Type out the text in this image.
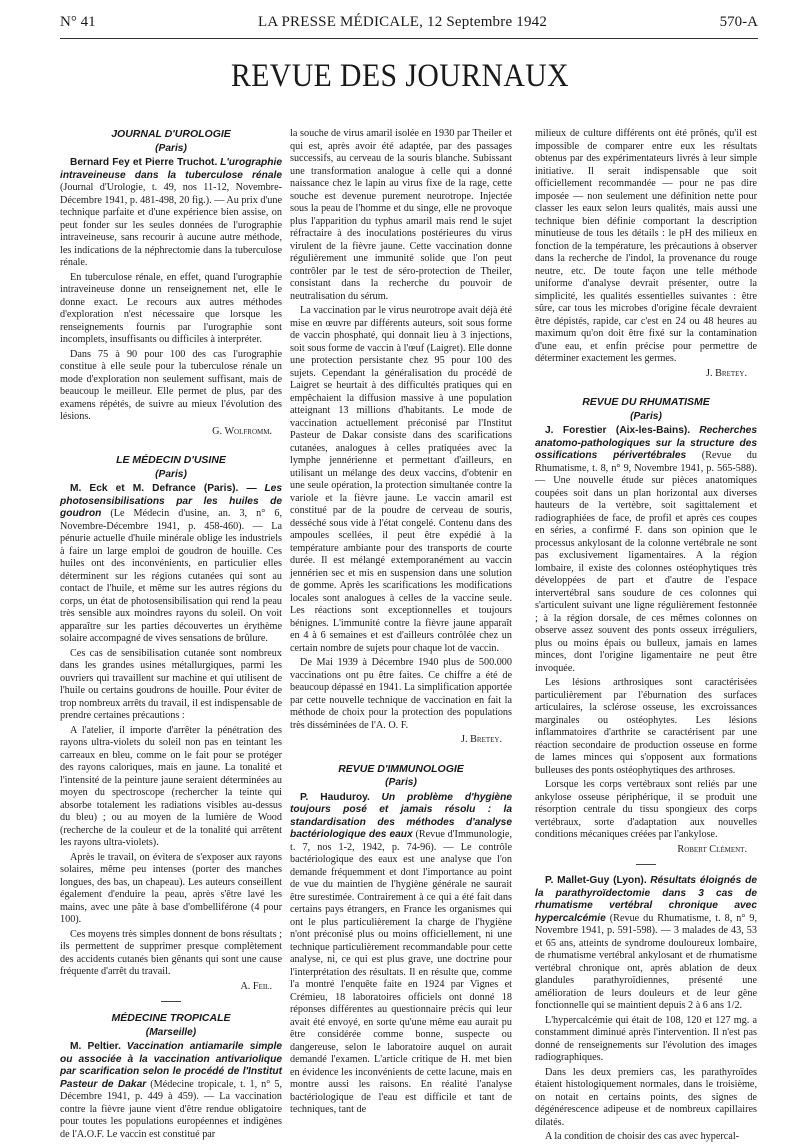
N° 41	LA PRESSE MÉDICALE, 12 Septembre 1942	570-A
REVUE DES JOURNAUX

JOURNAL D'UROLOGIE

(Paris)

Bernard Fey et Pierre Truchot. L'urographie intraveineuse dans la tuberculose rénale (Journal d'Urologie, t. 49, nos 11-12, Novembre-Décembre 1941, p. 481-498, 20 fig.). — Au prix d'une technique parfaite et d'une expérience bien assise, on peut fonder sur les seules données de l'urographie intraveineuse, sans recourir à aucune autre méthode, les indications de la néphrectomie dans la tuberculose rénale.

En tuberculose rénale, en effet, quand l'urographie intraveineuse donne un renseignement net, elle le donne exact. Le recours aux autres méthodes d'exploration n'est nécessaire que lorsque les renseignements fournis par l'urographie sont incomplets, insuffisants ou difficiles à interpréter.

Dans 75 à 90 pour 100 des cas l'urographie constitue à elle seule pour la tuberculose rénale un mode d'exploration non seulement suffisant, mais de beaucoup le meilleur. Elle permet de plus, par des examens répétés, de suivre au mieux l'évolution des lésions.

G. Wolfromm.

LE MÉDECIN D'USINE

(Paris)

M. Eck et M. Defrance (Paris). — Les photosensibilisations par les huiles de goudron (Le Médecin d'usine, an. 3, n° 6, Novembre-Décembre 1941, p. 458-460). — La pénurie actuelle d'huile minérale oblige les industriels à faire un large emploi de goudron de houille. Ces huiles ont des inconvénients, en particulier elles déterminent sur les régions cutanées qui sont au contact de l'huile, et même sur les autres régions du corps, un état de photosensibilisation qui rend la peau très sensible aux moindres rayons du soleil. On voit apparaître sur les parties découvertes un érythème solaire accompagné de vives sensations de brûlure.

Ces cas de sensibilisation cutanée sont nombreux dans les grandes usines métallurgiques, parmi les ouvriers qui travaillent sur machine et qui utilisent de l'huile ou certains goudrons de houille. Pour éviter de trop nombreux arrêts du travail, il est indispensable de prendre certaines précautions :

A l'atelier, il importe d'arrêter la pénétration des rayons ultra-violets du soleil non pas en teintant les carreaux en bleu, comme on le fait pour se protéger des rayons caloriques, mais en jaune. La tonalité et l'intensité de la peinture jaune seraient déterminées au moyen du spectroscope (rechercher la teinte qui absorbe totalement les radiations visibles au-dessus du bleu) ; ou au moyen de la lumière de Wood (recherche de la couleur et de la tonalité qui arrêtent les rayons ultra-violets).

Après le travail, on évitera de s'exposer aux rayons solaires, même peu intenses (porter des manches longues, des bas, un chapeau). Les auteurs conseillent également d'enduire la peau, après s'être lavé les mains, avec une pâte à base d'ombelliférone (4 pour 100).

Ces moyens très simples donnent de bons résultats ; ils permettent de supprimer presque complètement des accidents cutanés bien gênants qui sont une cause fréquente d'arrêt du travail.

A. Feil.

MÉDECINE TROPICALE

(Marseille)

M. Peltier. Vaccination antiamarile simple ou associée à la vaccination antivariolique par scarification selon le procédé de l'Institut Pasteur de Dakar (Médecine tropicale, t. 1, n° 5, Décembre 1941, p. 449 à 459). — La vaccination contre la fièvre jaune vient d'être rendue obligatoire pour toutes les populations européennes et indigènes de l'A.O.F. Le vaccin est constitué par

la souche de virus amaril isolée en 1930 par Theiler et qui est, après avoir été adaptée, par des passages successifs, au cerveau de la souris blanche. Subissant une transformation analogue à celle qui a donné naissance chez le lapin au virus fixe de la rage, cette souche est devenue purement neurotrope. Injectée sous la peau de l'homme et du singe, elle ne provoque plus l'apparition du typhus amaril mais rend le sujet réfractaire à des inoculations postérieures du virus virulent de la fièvre jaune. Cette vaccination donne régulièrement une immunité solide que l'on peut contrôler par le test de séro-protection de Theiler, consistant dans la recherche du pouvoir de neutralisation du sérum.

La vaccination par le virus neurotrope avait déjà été mise en œuvre par différents auteurs, soit sous forme de vaccin phosphaté, qui donnait lieu à 3 injections, soit sous forme de vaccin à l'œuf (Laigret). Elle donne une protection persistante chez 95 pour 100 des sujets. Cependant la généralisation du procédé de Laigret se heurtait à des difficultés pratiques qui en empêchaient la diffusion massive à une population atteignant 13 millions d'habitants. Le mode de vaccination actuellement préconisé par l'Institut Pasteur de Dakar consiste dans des scarifications cutanées, analogues à celles pratiquées avec la lymphe jennérienne et permettant d'ailleurs, en utilisant un mélange des deux vaccins, d'obtenir en une seule opération, la protection simultanée contre la variole et la fièvre jaune. Le vaccin amaril est constitué par de la poudre de cerveau de souris, desséché sous vide à l'état congelé. Contenu dans des ampoules scellées, il peut être expédié à la température ambiante pour des transports de courte durée. Il est mélangé extemporanément au vaccin jennérien sec et mis en suspension dans une solution de gomme. Après les scarifications les modifications locales sont analogues à celles de la vaccine seule. Les réactions sont exceptionnelles et toujours bénignes. L'immunité contre la fièvre jaune apparaît en 4 à 6 semaines et est d'ailleurs contrôlée chez un certain nombre de sujets pour chaque lot de vaccin.

De Mai 1939 à Décembre 1940 plus de 500.000 vaccinations ont pu être faites. Ce chiffre a été de beaucoup dépassé en 1941. La simplification apportée par cette nouvelle technique de vaccination en fait la méthode de choix pour la protection des populations très disséminées de l'A. O. F.

J. Bretey.

REVUE D'IMMUNOLOGIE

(Paris)

P. Hauduroy. Un problème d'hygiène toujours posé et jamais résolu : la standardisation des méthodes d'analyse bactériologique des eaux (Revue d'Immunologie, t. 7, nos 1-2, 1942, p. 74-96). — Le contrôle bactériologique des eaux est une analyse que l'on demande fréquemment et dont l'importance au point de vue du maintien de l'hygiène générale ne saurait être surestimée. Contrairement à ce qui a été fait dans certains pays étrangers, en France les organismes qui ont le plus particulièrement la charge de l'hygiène n'ont préconisé plus ou moins officiellement, ni une technique particulièrement recommandable pour cette analyse, ni, ce qui est plus grave, une doctrine pour l'interprétation des résultats. Il en résulte que, comme l'a montré l'enquête faite en 1924 par Vignes et Crémieu, 18 laboratoires officiels ont donné 18 réponses différentes au questionnaire précis qui leur avait été envoyé, en sorte qu'une même eau aurait pu être considérée comme bonne, suspecte ou dangereuse, selon le laboratoire auquel on aurait demandé l'examen. L'article critique de H. met bien en évidence les inconvénients de cette lacune, mais en montre aussi les raisons. En réalité l'analyse bactériologique de l'eau est difficile et tant de techniques, tant de

milieux de culture différents ont été prônés, qu'il est impossible de comparer entre eux les résultats obtenus par des expérimentateurs livrés à leur simple initiative. Il serait indispensable que soit officiellement recommandée — pour ne pas dire imposée — non seulement une définition nette pour classer les eaux selon leurs qualités, mais aussi une technique bien définie comportant la description minutieuse de tous les détails : le pH des milieux en fonction de la température, les précautions à observer dans la recherche de l'indol, la provenance du rouge neutre, etc. De toute façon une telle méthode uniforme d'analyse devrait présenter, outre la simplicité, les qualités essentielles suivantes : être sûre, car tous les microbes d'origine fécale devraient être dépistés, rapide, car c'est en 24 ou 48 heures au maximum qu'on doit être fixé sur la contamination d'une eau, et enfin précise pour permettre de déterminer exactement les germes.

J. Bretey.

REVUE DU RHUMATISME

(Paris)

J. Forestier (Aix-les-Bains). Recherches anatomo-pathologiques sur la structure des ossifications périvertébrales (Revue du Rhumatisme, t. 8, n° 9, Novembre 1941, p. 565-588). — Une nouvelle étude sur pièces anatomiques coupées soit dans un plan horizontal aux diverses hauteurs de la vertèbre, soit sagittalement et radiographiées de face, de profil et après ces coupes en séries, a confirmé F. dans son opinion que le processus ankylosant de la colonne vertébrale ne sont pas exclusivement ligamentaires. A la région lombaire, il existe des colonnes ostéophytiques très développées de part et d'autre de l'espace intervertébral sans soudure de ces colonnes qui s'articulent suivant une ligne régulièrement festonnée ; à la région dorsale, de ces mêmes colonnes on observe assez souvent des ponts osseux irréguliers, plus ou moins épais ou bulleux, jamais en lames minces, dont l'origine ligamentaire ne peut être invoquée.

Les lésions arthrosiques sont caractérisées particulièrement par l'éburnation des surfaces articulaires, la sclérose osseuse, les excroissances marginales ou ostéophytes. Les lésions inflammatoires d'arthrite se caractérisent par une réaction secondaire de production osseuse en forme de lames minces qui s'opposent aux formations bulleuses des ponts ostéophytiques des arthroses.

Lorsque les corps vertébraux sont reliés par une ankylose osseuse périphérique, il se produit une résorption centrale du tissu spongieux des corps vertébraux, sorte d'adaptation aux nouvelles conditions mécaniques créées par l'ankylose.

Robert Clément.

P. Mallet-Guy (Lyon). Résultats éloignés de la parathyroïdectomie dans 3 cas de rhumatisme vertébral chronique avec hypercalcémie (Revue du Rhumatisme, t. 8, n° 9, Novembre 1941, p. 591-598). — 3 malades de 43, 53 et 65 ans, atteints de syndrome douloureux lombaire, de rhumatisme vertébral ankylosant et de rhumatisme vertébral chronique ont, après ablation de deux glandules parathyroïdiennes, présenté une amélioration de leurs douleurs et de leur gêne fonctionnelle qui se maintient depuis 2 à 6 ans 1/2.

L'hypercalcémie qui était de 108, 120 et 127 mg. a constamment diminué après l'intervention. Il n'est pas donné de renseignements sur l'évolution des images radiographiques.

Dans les deux premiers cas, les parathyroïdes étaient histologiquement normales, dans le troisième, on notait en certains points, des signes de dégénérescence adipeuse et de nombreux capillaires dilatés.

A la condition de choisir des cas avec hypercal-
